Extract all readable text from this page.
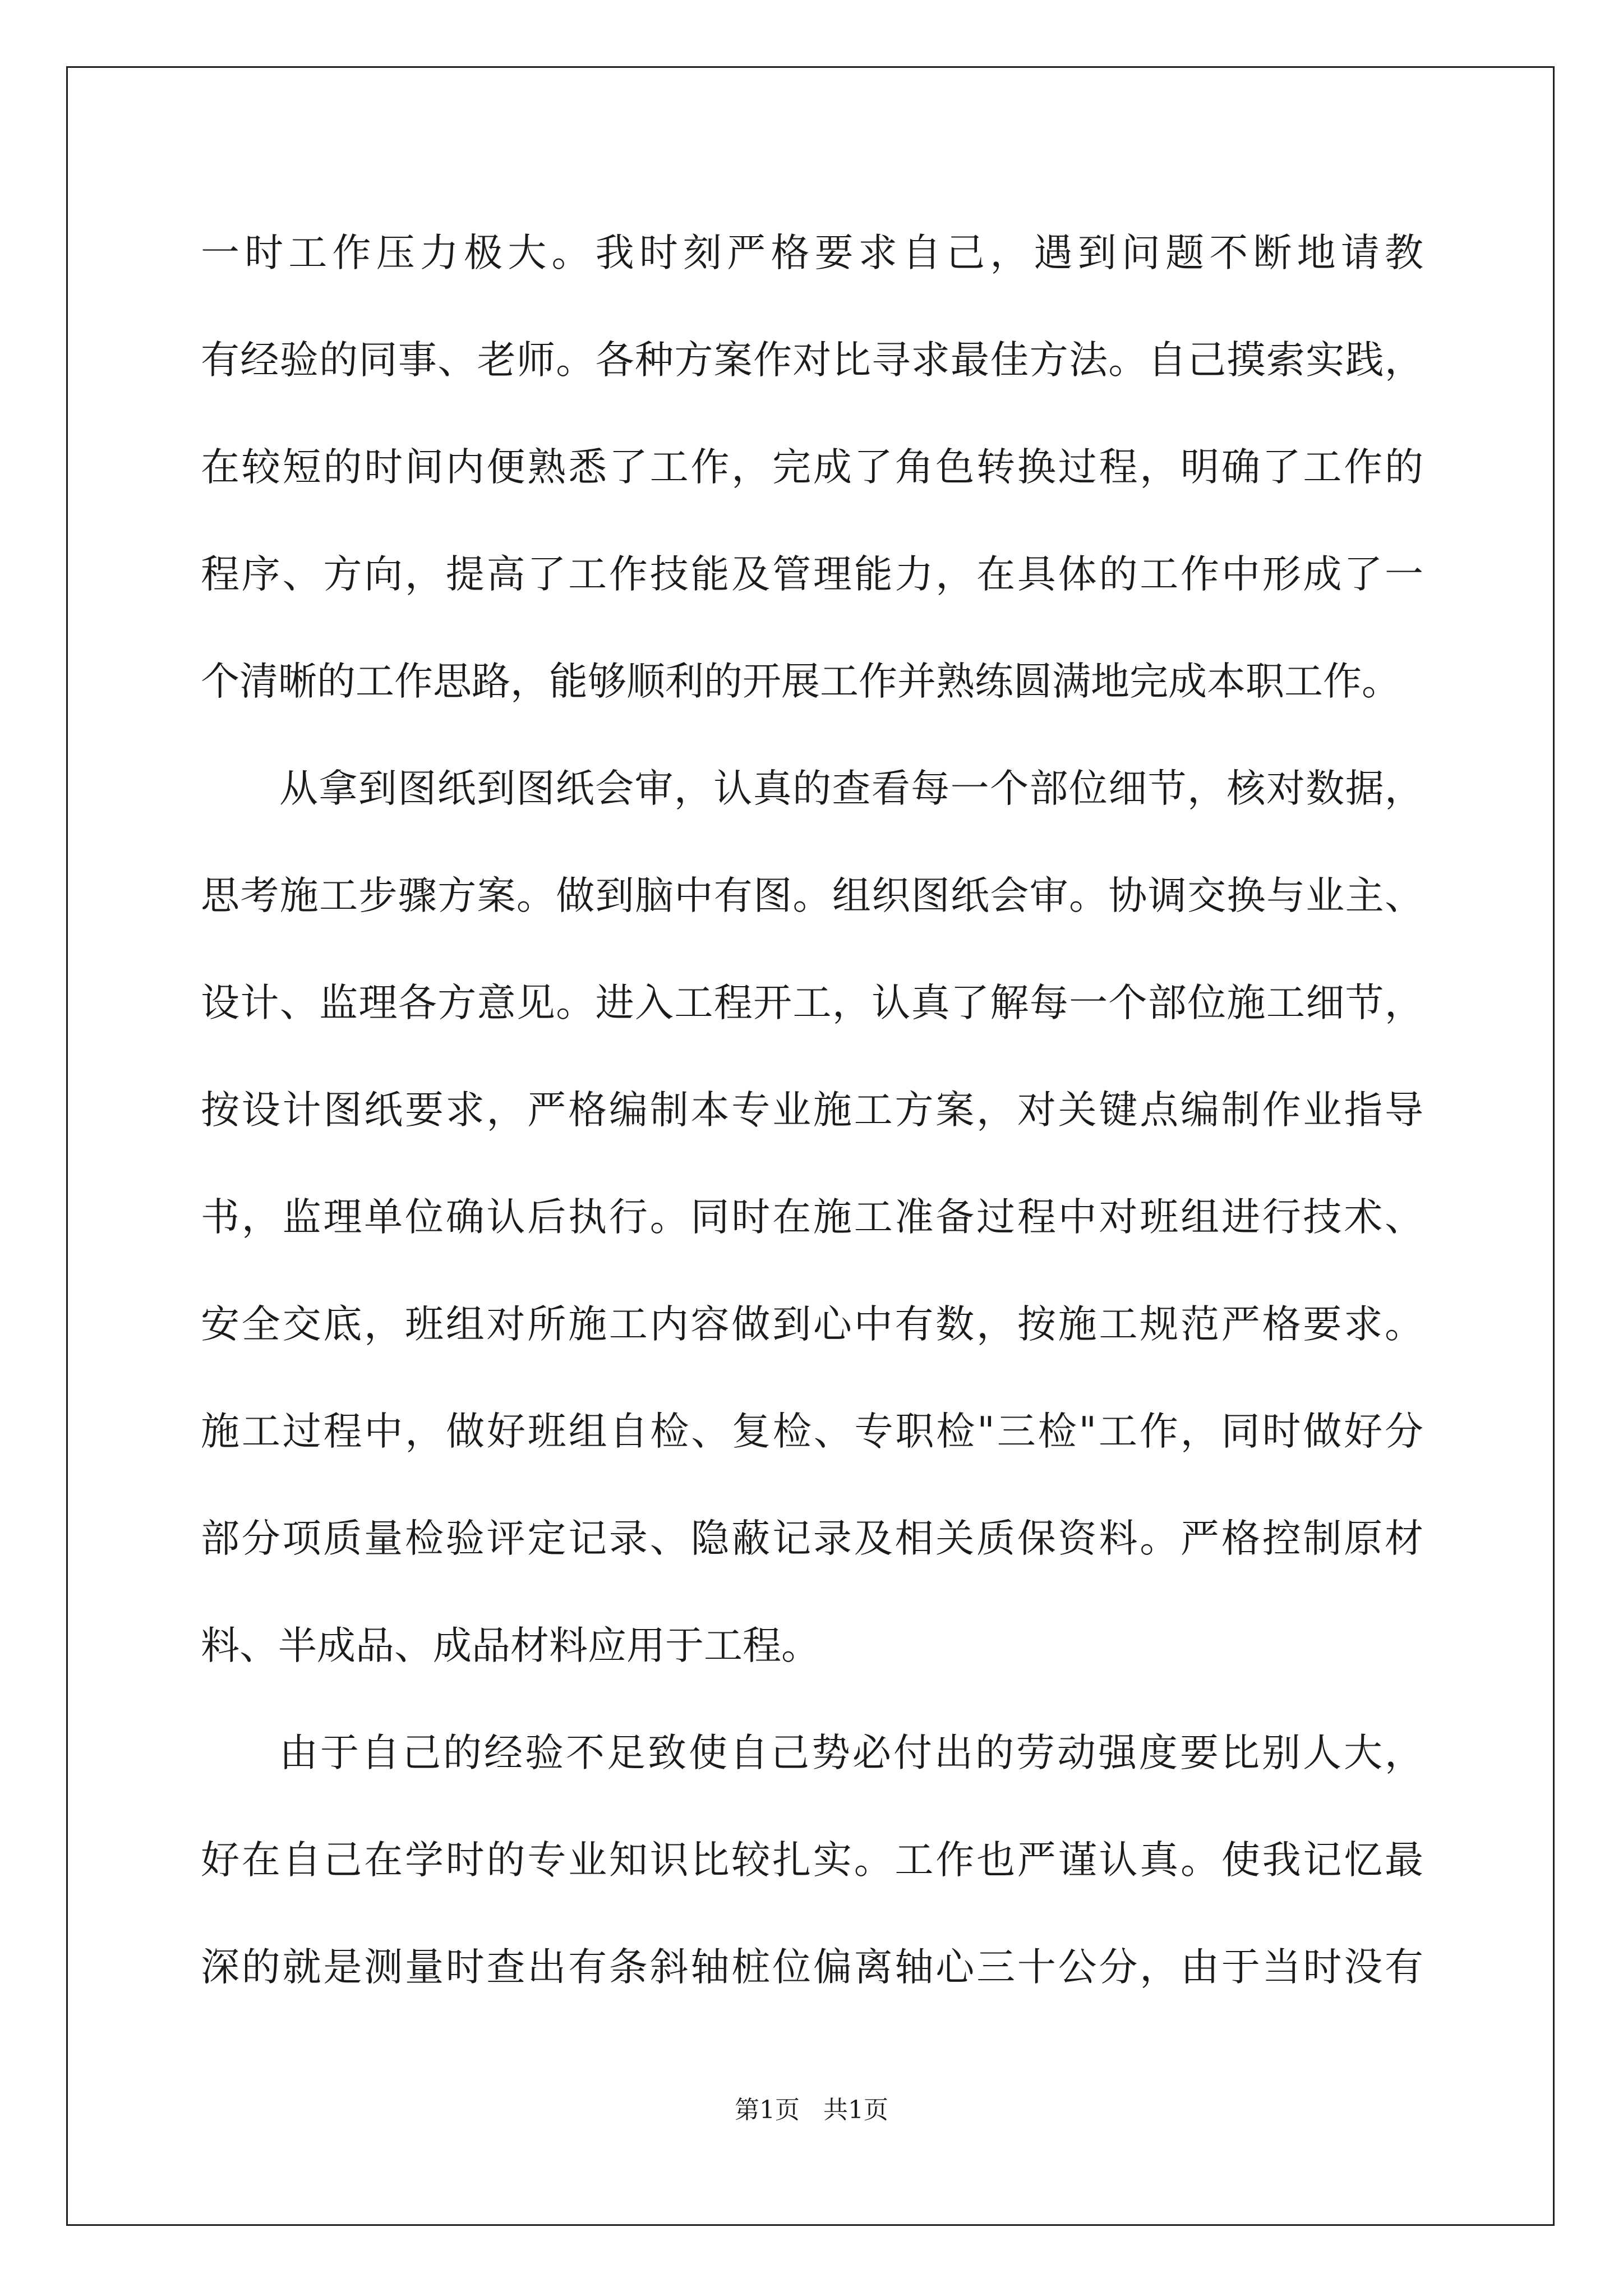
一时工作压力极大。我时刻严格要求自己，遇到问题不断地请教
有经验的同事、老师。各种方案作对比寻求最佳方法。自己摸索实践，
在较短的时间内便熟悉了工作，完成了角色转换过程，明确了工作的
程序、方向，提高了工作技能及管理能力，在具体的工作中形成了一
个清晰的工作思路，能够顺利的开展工作并熟练圆满地完成本职工作。
从拿到图纸到图纸会审，认真的查看每一个部位细节，核对数据，
思考施工步骤方案。做到脑中有图。组织图纸会审。协调交换与业主、
设计、监理各方意见。进入工程开工，认真了解每一个部位施工细节，
按设计图纸要求，严格编制本专业施工方案，对关键点编制作业指导
书，监理单位确认后执行。同时在施工准备过程中对班组进行技术、
安全交底，班组对所施工内容做到心中有数，按施工规范严格要求。
施工过程中，做好班组自检、复检、专职检"三检"工作，同时做好分
部分项质量检验评定记录、隐蔽记录及相关质保资料。严格控制原材
料、半成品、成品材料应用于工程。
由于自己的经验不足致使自己势必付出的劳动强度要比别人大，
好在自己在学时的专业知识比较扎实。工作也严谨认真。使我记忆最
深的就是测量时查出有条斜轴桩位偏离轴心三十公分，由于当时没有
第1页   共1页
